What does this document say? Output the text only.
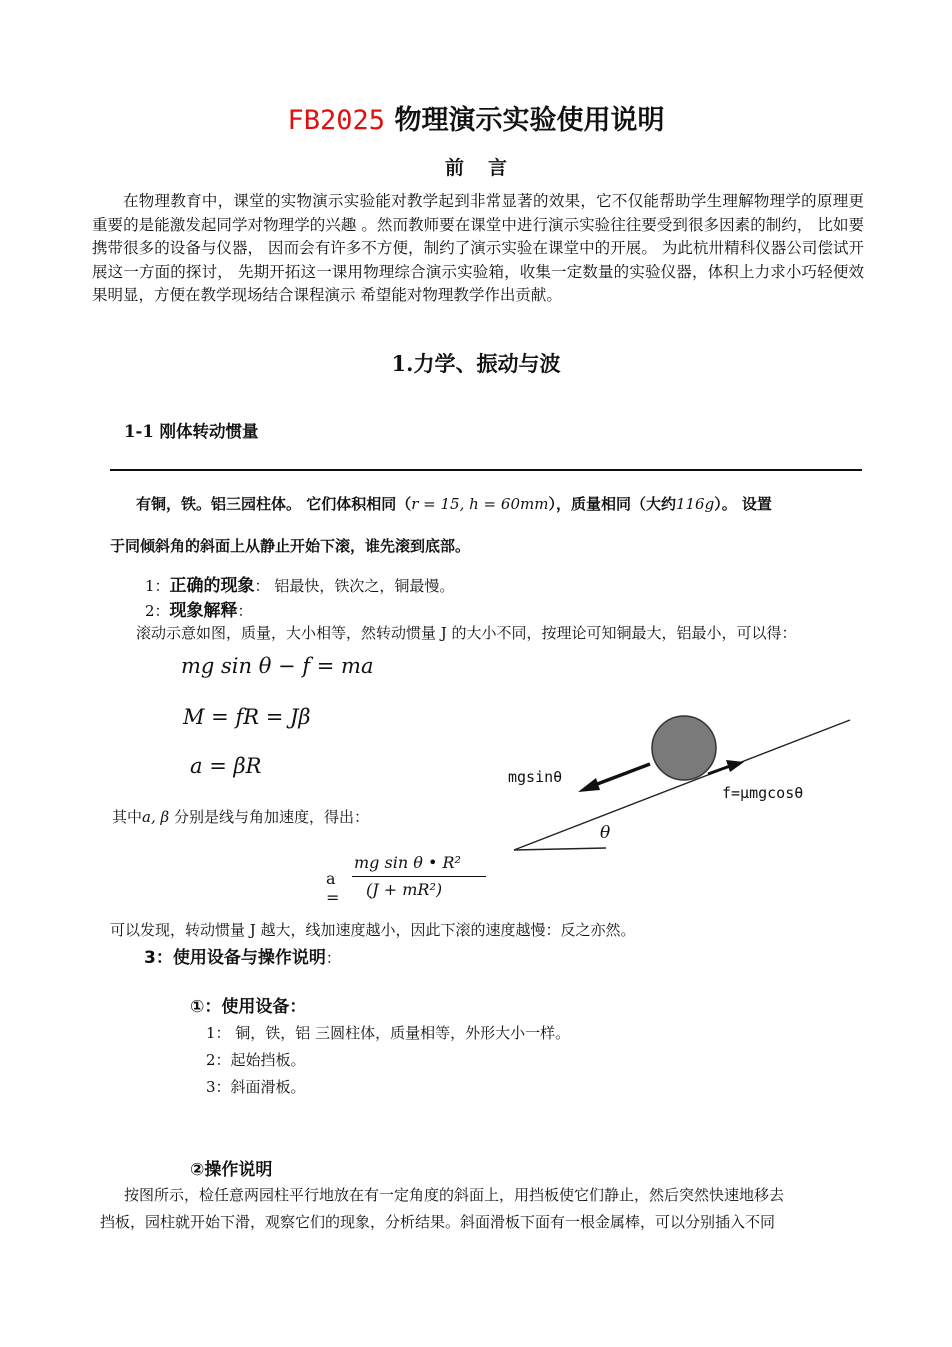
FB2025 物理演示实验使用说明
前 言

在物理教育中，课堂的实物演示实验能对教学起到非常显著的效果，它不仅能帮助学生理解物理学的原理更重要的是能激发起同学对物理学的兴趣 。然而教师要在课堂中进行演示实验往往要受到很多因素的制约， 比如要携带很多的设备与仪器， 因而会有许多不方便，制约了演示实验在课堂中的开展。 为此杭卅精科仪器公司偿试开展这一方面的探讨， 先期开拓这一课用物理综合演示实验箱，收集一定数量的实验仪器，体积上力求小巧轻便效果明显，方便在教学现场结合课程演示 希望能对物理教学作出贡献。

1.力学、振动与波
1-1 刚体转动惯量
有铜，铁。铝三园柱体。 它们体积相同（r = 15, h = 60mm），质量相同（大约116g）。 设置
于同倾斜角的斜面上从静止开始下滚，谁先滚到底部。
1：正确的现象： 铝最快，铁次之，铜最慢。
2：现象解释：
滚动示意如图，质量，大小相等，然转动惯量 J 的大小不同，按理论可知铜最大，铝最小，可以得：
mg sin θ − f = ma
M = fR = Jβ
a = βR
其中a, β 分别是线与角加速度，得出：
a =
mg sin θ • R²
(J + mR²)
mgsinθ
f=μmgcosθ
θ
可以发现，转动惯量 J 越大，线加速度越小，因此下滚的速度越慢：反之亦然。
3：使用设备与操作说明：
①：使用设备：
1： 铜，铁，铝 三圆柱体，质量相等，外形大小一样。
2：起始挡板。
3：斜面滑板。
②操作说明
按图所示，检任意两园柱平行地放在有一定角度的斜面上，用挡板使它们静止，然后突然快速地移去
挡板，园柱就开始下滑，观察它们的现象，分析结果。斜面滑板下面有一根金属棒，可以分别插入不同
